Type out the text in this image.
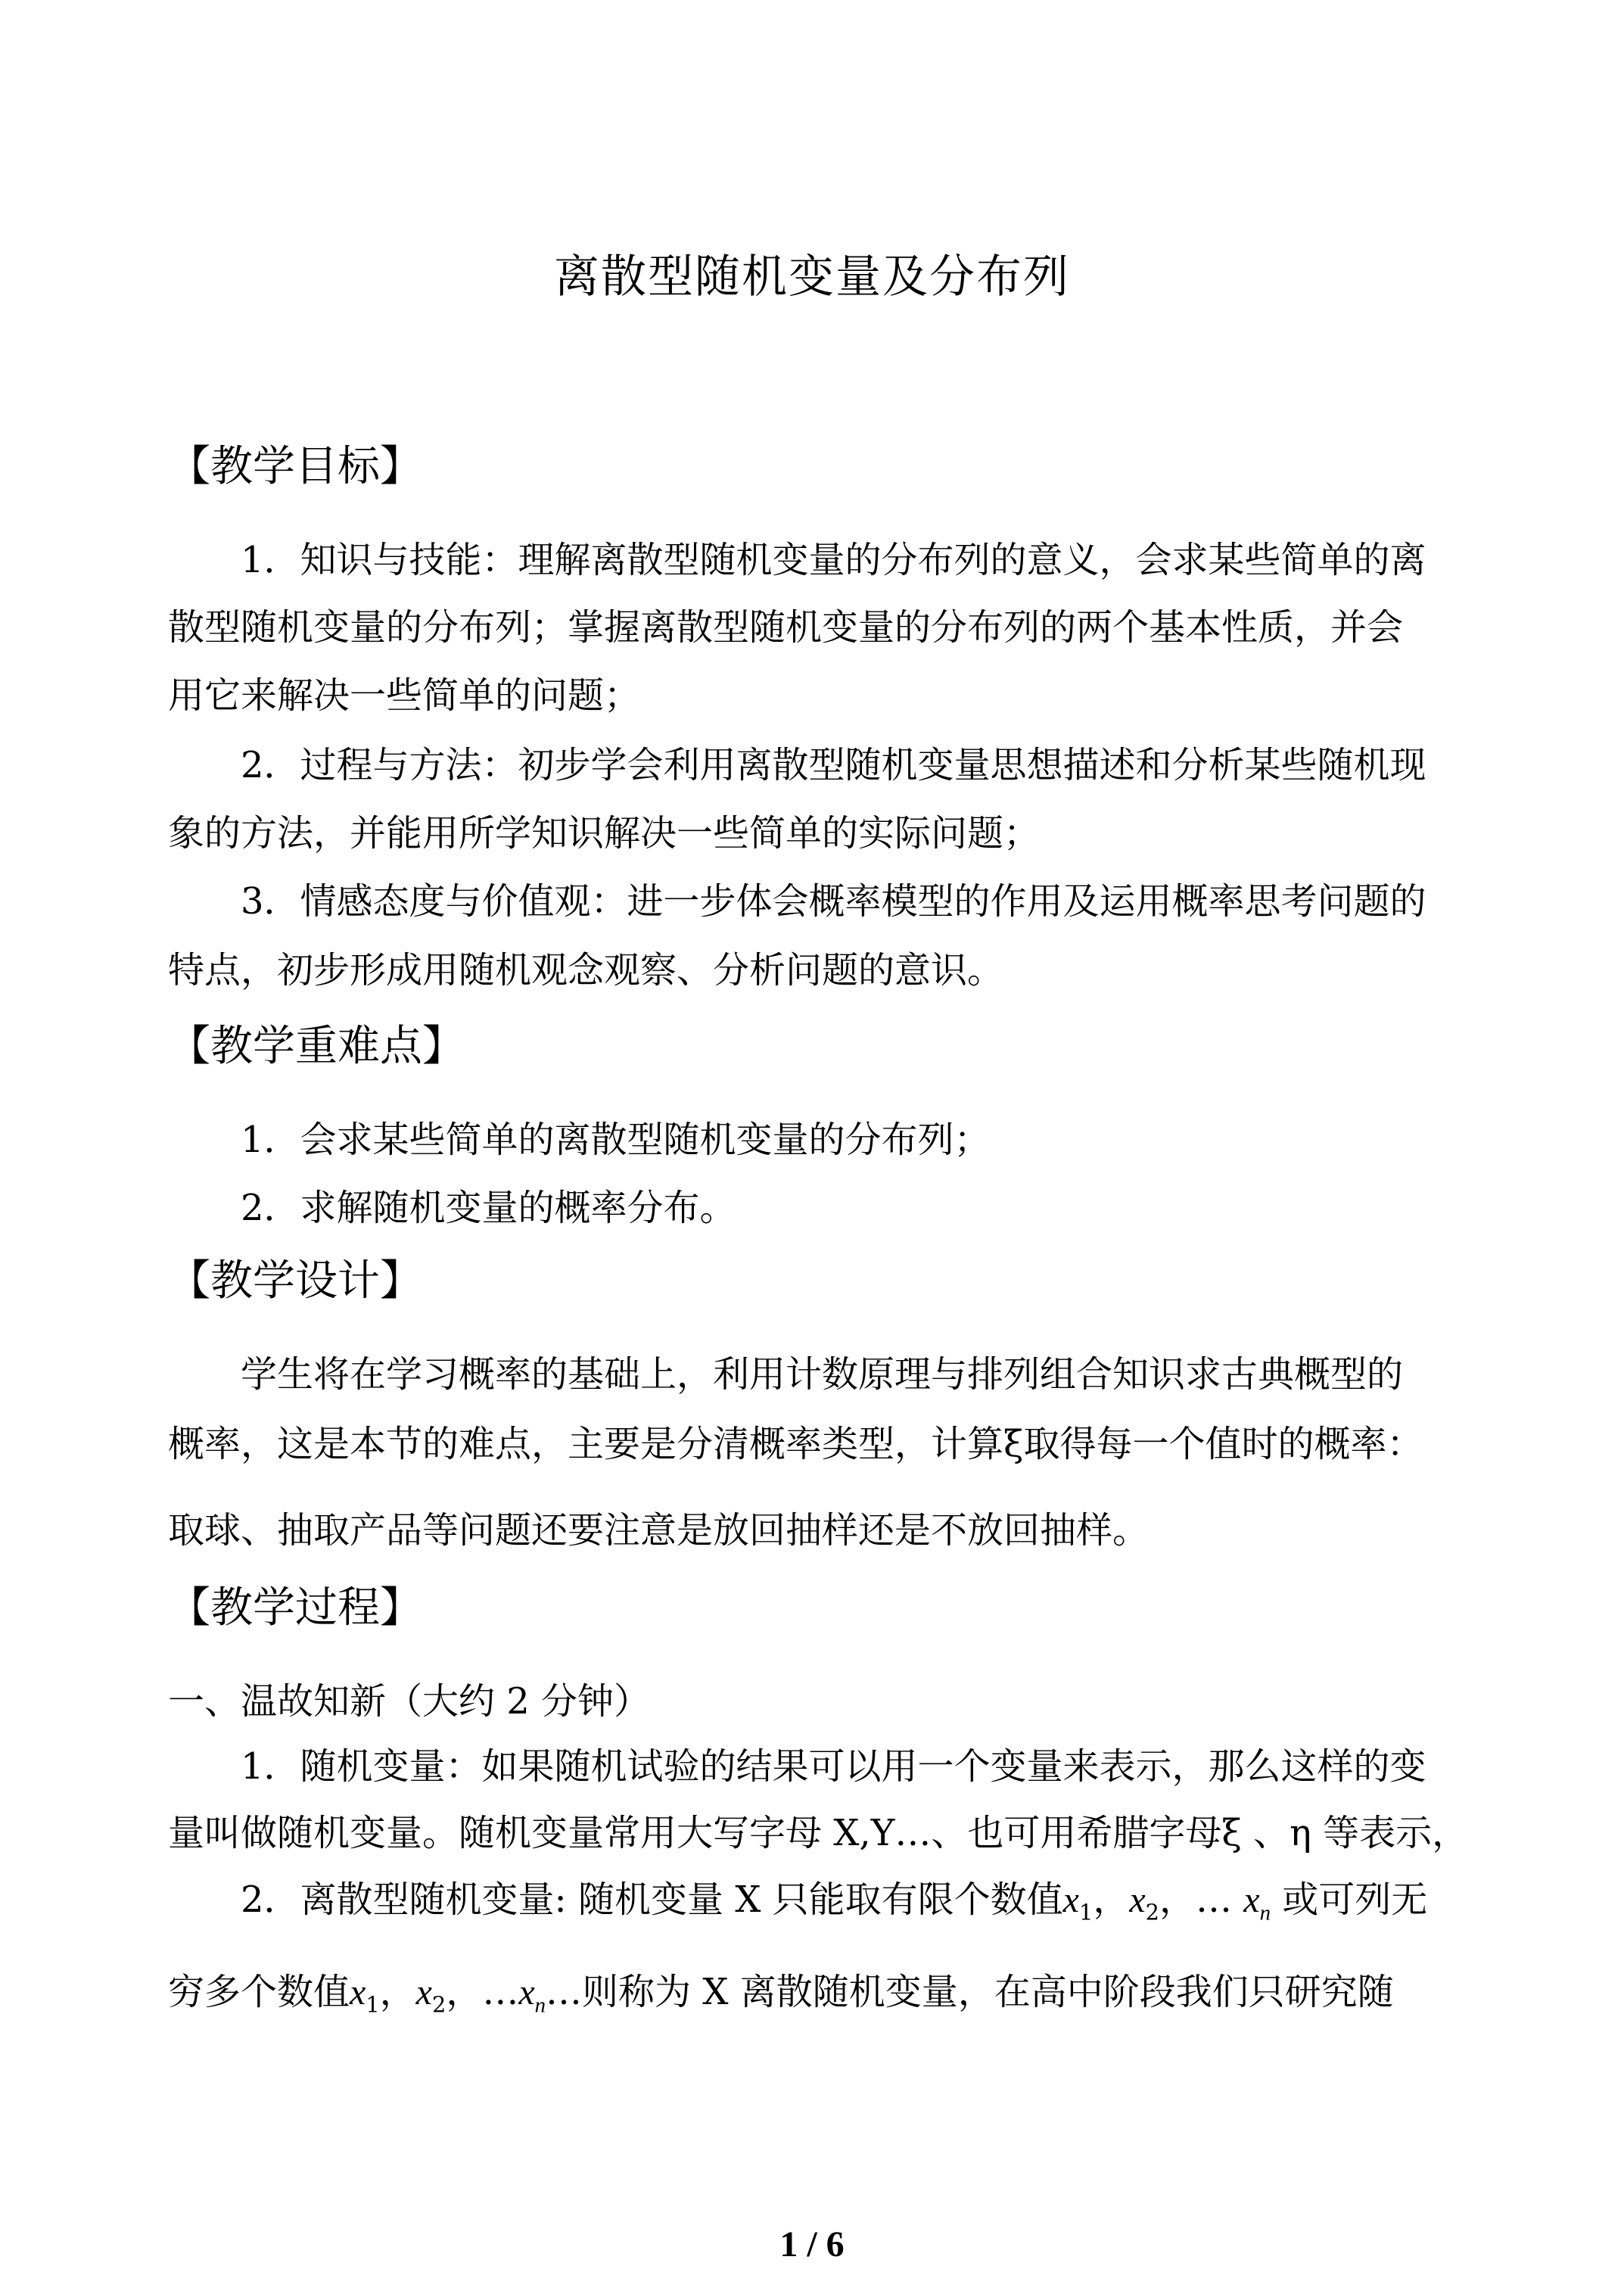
离散型随机变量及分布列
【教学目标】
1．知识与技能：理解离散型随机变量的分布列的意义，会求某些简单的离
散型随机变量的分布列；掌握离散型随机变量的分布列的两个基本性质，并会
用它来解决一些简单的问题；
2．过程与方法：初步学会利用离散型随机变量思想描述和分析某些随机现
象的方法，并能用所学知识解决一些简单的实际问题；
3．情感态度与价值观：进一步体会概率模型的作用及运用概率思考问题的
特点，初步形成用随机观念观察、分析问题的意识。
【教学重难点】
1．会求某些简单的离散型随机变量的分布列；
2．求解随机变量的概率分布。
【教学设计】
学生将在学习概率的基础上，利用计数原理与排列组合知识求古典概型的
概率，这是本节的难点，主要是分清概率类型，计算ξ取得每一个值时的概率：
取球、抽取产品等问题还要注意是放回抽样还是不放回抽样。
【教学过程】
一、温故知新（大约 2 分钟）
1．随机变量：如果随机试验的结果可以用一个变量来表示，那么这样的变
量叫做随机变量。随机变量常用大写字母 X,Y…、也可用希腊字母ξ 、η 等表示，
2．离散型随机变量: 随机变量 X 只能取有限个数值$x_1$，$x_2$，… $x_n$ 或可列无
穷多个数值$x_1$，$x_2$，$\dots x_n\dots$则称为 X 离散随机变量，在高中阶段我们只研究随
1 / 6
